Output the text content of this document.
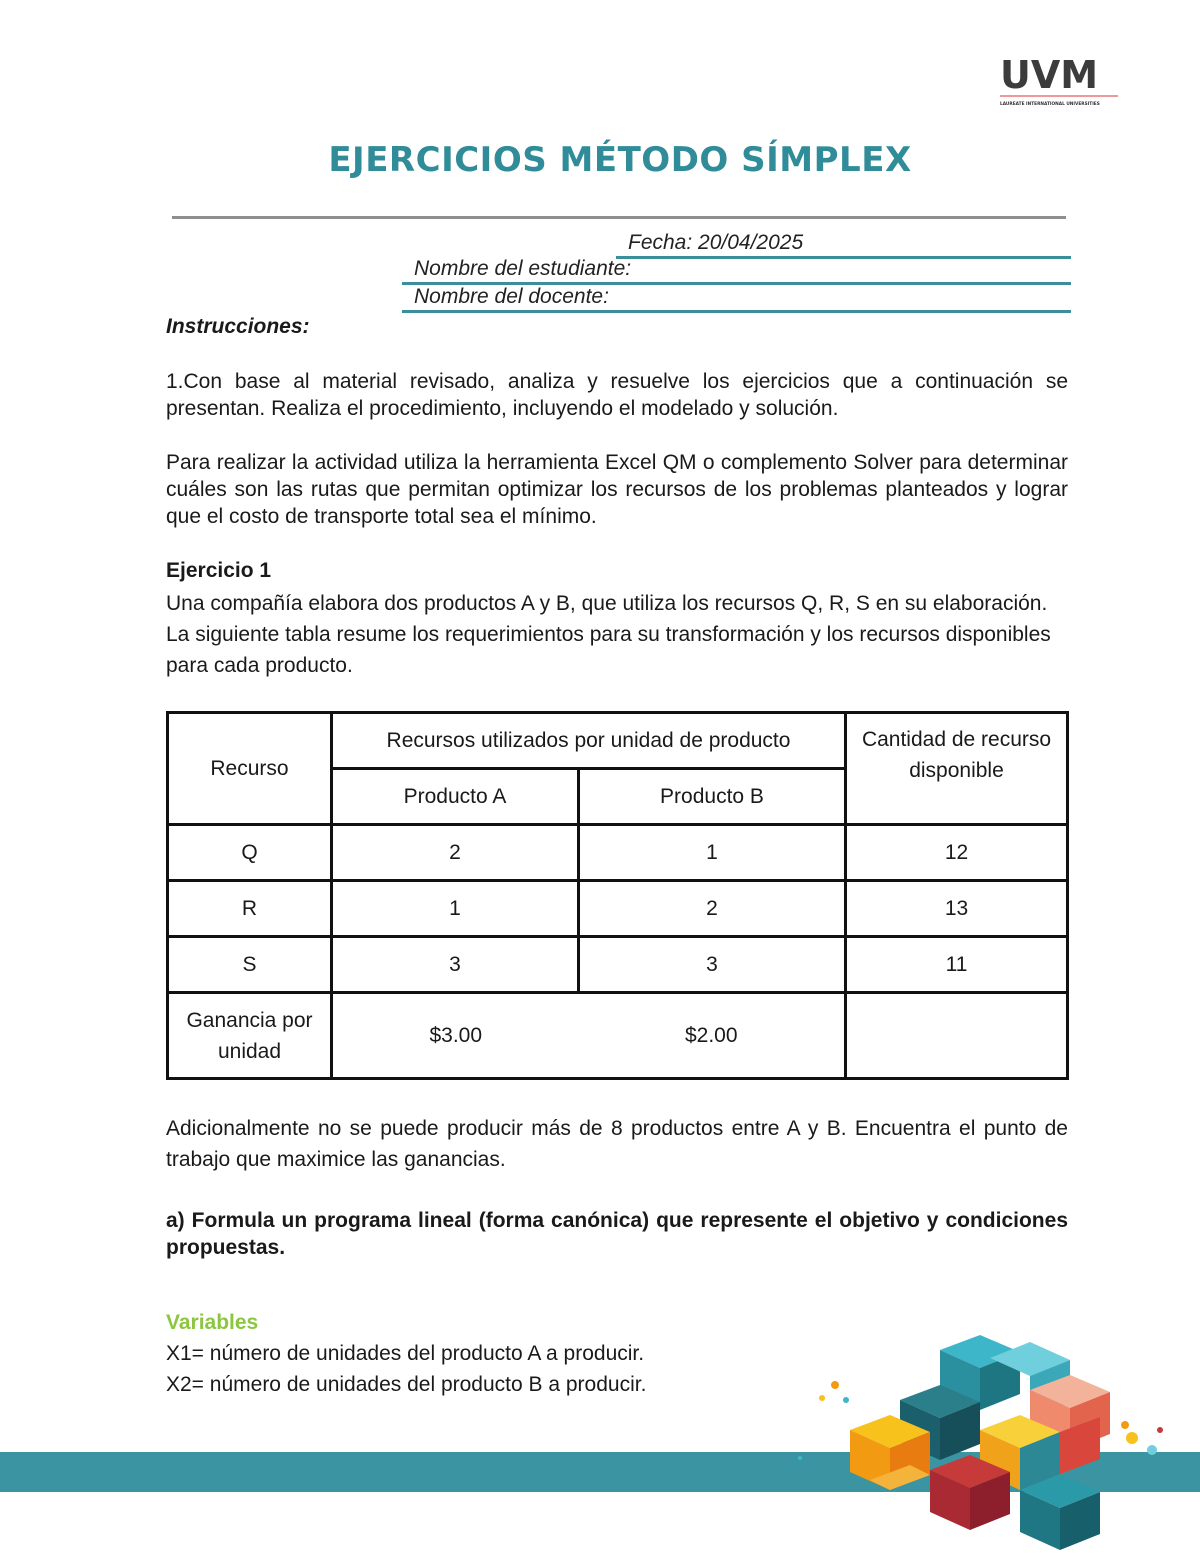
UVM
LAUREATE INTERNATIONAL UNIVERSITIES
EJERCICIOS MÉTODO SÍMPLEX
Fecha: 20/04/2025
Nombre del estudiante:
Nombre del docente:
Instrucciones:
1.Con base al material revisado, analiza y resuelve los ejercicios que a continuación se presentan. Realiza el procedimiento, incluyendo el modelado y solución.
Para realizar la actividad utiliza la herramienta Excel QM o complemento Solver para determinar cuáles son las rutas que permitan optimizar los recursos de los problemas planteados y lograr que el costo de transporte total sea el mínimo.
Ejercicio 1
Una compañía elabora dos productos A y B, que utiliza los recursos Q, R, S en su elaboración. La siguiente tabla resume los requerimientos para su transformación y los recursos disponibles para cada producto.
Recurso	Recursos utilizados por unidad de producto		Cantidad de recurso disponible
	Producto A	Producto B	
Q	2	1	12
R	1	2	13
S	3	3	11
Ganancia por unidad	$3.00	$2.00	
Adicionalmente no se puede producir más de 8 productos entre A y B. Encuentra el punto de trabajo que maximice las ganancias.
a) Formula un programa lineal (forma canónica) que represente el objetivo y condiciones propuestas.
Variables
X1= número de unidades del producto A a producir.
X2= número de unidades del producto B a producir.
